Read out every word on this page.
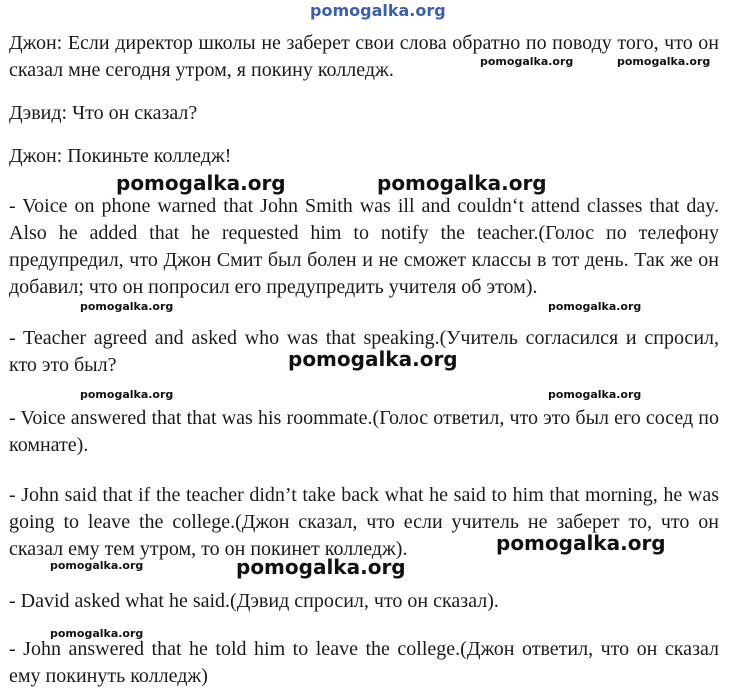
pomogalka.org

Джон: Если директор школы не заберет свои слова обратно по поводу того, что он сказал мне сегодня утром, я покину колледж.

Дэвид: Что он сказал?

Джон: Покиньте колледж!

- Voice on phone warned that John Smith was ill and couldn‘t attend classes that day. Also he added that he requested him to notify the teacher.(Голос по телефону предупредил, что Джон Смит был болен и не сможет классы в тот день. Так же он добавил; что он попросил его предупредить учителя об этом).

- Teacher agreed and asked who was that speaking.(Учитель согласился и спросил, кто это был?

- Voice answered that that was his roommate.(Голос ответил, что это был его сосед по комнате).

- John said that if the teacher didn’t take back what he said to him that morning, he was going to leave the college.(Джон сказал, что если учитель не заберет то, что он сказал ему тем утром, то он покинет колледж).

- David asked what he said.(Дэвид спросил, что он сказал).

- John answered that he told him to leave the college.(Джон ответил, что он сказал ему покинуть колледж)

pomogalka.org	pomogalka.org
pomogalka.org	pomogalka.org
pomogalka.org	pomogalka.org
pomogalka.org
pomogalka.org	pomogalka.org
pomogalka.org
pomogalka.org	pomogalka.org
pomogalka.org
